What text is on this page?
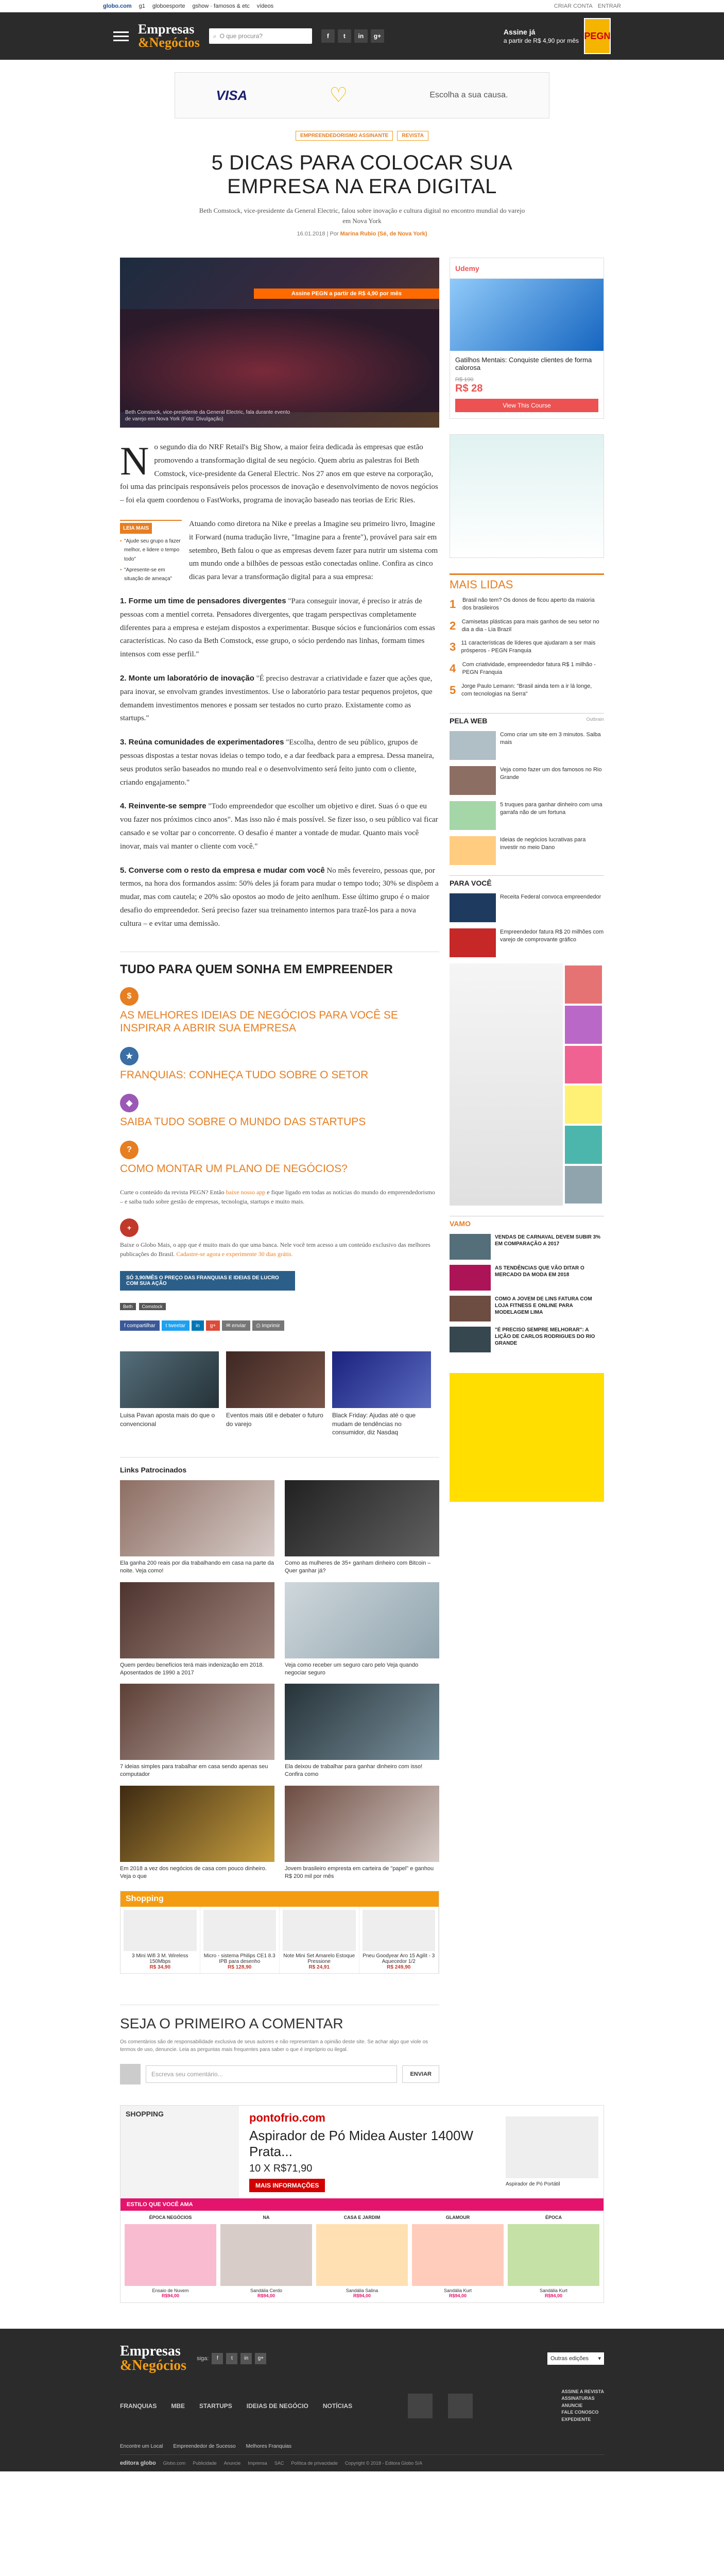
globo.com g1 globoesporte gshow · famosos & etc vídeos	CRIAR CONTA ENTRAR
Empresas
&Negócios ⌕ O que procura?	f	t	in	g+
Assine já
a partir de R$ 4,90 por mês PEGN
VISA	♡	Escolha a sua causa.
EMPREENDEDORISMO ASSINANTE	REVISTA
5 DICAS PARA COLOCAR SUA EMPRESA NA ERA DIGITAL

Beth Comstock, vice-presidente da General Electric, falou sobre inovação e cultura digital no encontro mundial do varejo em Nova York

16.01.2018 | Por Marina Rubio (Sé, de Nova York)

Assine PEGN a partir de R$ 4,90 por mês
Beth Comstock, vice-presidente da General Electric, fala durante evento de varejo em Nova York (Foto: Divulgação)

No segundo dia do NRF Retail's Big Show, a maior feira dedicada às empresas que estão promovendo a transformação digital de seu negócio. Quem abriu as palestras foi Beth Comstock, vice-presidente da General Electric. Nos 27 anos em que esteve na corporação, foi uma das principais responsáveis pelos processos de inovação e desenvolvimento de novos negócios – foi ela quem coordenou o FastWorks, programa de inovação baseado nas teorias de Eric Ries.

LEIA MAIS
• "Ajude seu grupo a fazer melhor, e lidere o tempo todo"
• "Apresente-se em situação de ameaça"

Atuando como diretora na Nike e preelas a Imagine seu primeiro livro, Imagine it Forward (numa tradução livre, "Imagine para a frente"), provável para sair em setembro, Beth falou o que as empresas devem fazer para nutrir um sistema com um mundo onde a bilhões de pessoas estão conectadas online. Confira as cinco dicas para levar a transformação digital para a sua empresa:

1. Forme um time de pensadores divergentes "Para conseguir inovar, é preciso ir atrás de pessoas com a mentiel correta. Pensadores divergentes, que tragam perspectivas completamente diferentes para a empresa e estejam dispostos a experimentar. Busque sócios e funcionários com essas características. No caso da Beth Comstock, esse grupo, o sócio perdendo nas linhas, formam times intensos com esse perfil."

2. Monte um laboratório de inovação "É preciso destravar a criatividade e fazer que ações que, para inovar, se envolvam grandes investimentos. Use o laboratório para testar pequenos projetos, que demandem investimentos menores e possam ser testados no curto prazo. Existamente como as startups."

3. Reúna comunidades de experimentadores "Escolha, dentro de seu público, grupos de pessoas dispostas a testar novas ideias o tempo todo, e a dar feedback para a empresa. Dessa maneira, seus produtos serão baseados no mundo real e o desenvolvimento será feito junto com o cliente, criando engajamento."

4. Reinvente-se sempre "Todo empreendedor que escolher um objetivo e diret. Suas ó o que eu vou fazer nos próximos cinco anos". Mas isso não é mais possível. Se fizer isso, o seu público vai ficar cansado e se voltar par o concorrente. O desafio é manter a vontade de mudar. Quanto mais você inovar, mais vai manter o cliente com você."

5. Converse com o resto da empresa e mudar com você No mês fevereiro, pessoas que, por termos, na hora dos formandos assim: 50% deles já foram para mudar o tempo todo; 30% se dispõem a mudar, mas com cautela; e 20% são opostos ao modo de jeito aenlhum. Esse último grupo é o maior desafio do empreendedor. Será preciso fazer sua treinamento internos para trazê-los para a nova cultura – e evitar uma demissão.

TUDO PARA QUEM SONHA EM EMPREENDER
$
AS MELHORES IDEIAS DE NEGÓCIOS PARA VOCÊ SE INSPIRAR A ABRIR SUA EMPRESA
★
FRANQUIAS: CONHEÇA TUDO SOBRE O SETOR
◆
SAIBA TUDO SOBRE O MUNDO DAS STARTUPS
?
COMO MONTAR UM PLANO DE NEGÓCIOS?

Curte o conteúdo da revista PEGN? Então baixe nosso app e fique ligado em todas as notícias do mundo do empreendedorismo – e saiba tudo sobre gestão de empresas, tecnologia, startups e muito mais.

+

Baixe o Globo Mais, o app que é muito mais do que uma banca. Nele você tem acesso a um conteúdo exclusivo das melhores publicações do Brasil. Cadastre-se agora e experimente 30 dias grátis.

SÓ 3,90/MÊS O PREÇO DAS FRANQUIAS E IDEIAS DE LUCRO COM SUA AÇÃO
Beth	Comstock
f compartilhar	t tweetar	in	g+	✉ enviar	⎙ imprimir
Luisa Pavan aposta mais do que o convencional
Eventos mais útil e debater o futuro do varejo
Black Friday: Ajudas até o que mudam de tendências no consumidor, diz Nasdaq
Links Patrocinados
Ela ganha 200 reais por dia trabalhando em casa na parte da noite. Veja como!
Como as mulheres de 35+ ganham dinheiro com Bitcoin – Quer ganhar já?
Quem perdeu benefícios terá mais indenização em 2018. Aposentados de 1990 a 2017
Veja como receber um seguro caro pelo Veja quando negociar seguro
7 ideias simples para trabalhar em casa sendo apenas seu computador
Ela deixou de trabalhar para ganhar dinheiro com isso! Confira como
Em 2018 a vez dos negócios de casa com pouco dinheiro. Veja o que
Jovem brasileiro empresta em carteira de "papel" e ganhou R$ 200 mil por mês
Shopping
3 Mini Wifi 3 M. Wireless 150Mbps
R$ 34,90
Micro - sistema Philips CE1 8.3 IPB para desenho
R$ 128,90
Note Mini Set Amarelo Estoque Pressione
R$ 24,91
Pneu Goodyear Aro 15 Agilit - 3 Aquecedor 1/2
R$ 249,90
SEJA O PRIMEIRO A COMENTAR

Os comentários são de responsabilidade exclusiva de seus autores e não representam a opinião deste site. Se achar algo que viole os termos de uso, denuncie. Leia as perguntas mais frequentes para saber o que é impróprio ou ilegal.

Escreva seu comentário...	ENVIAR
Udemy
Gatilhos Mentais: Conquiste clientes de forma calorosa
R$ 190
R$ 28
View This Course
MAIS LIDAS
1 Brasil não tem? Os donos de ficou aperto da maioria dos brasileiros
2 Camisetas plásticas para mais ganhos de seu setor no dia a dia - Lia Brazil
3 11 características de líderes que ajudaram a ser mais prósperos - PEGN Franquia
4 Com criatividade, empreendedor fatura R$ 1 milhão - PEGN Franquia
5 Jorge Paulo Lemann: "Brasil ainda tem a ir lá longe, com tecnologias na Serra"
PELA WEB	Outbrain
Como criar um site em 3 minutos. Saiba mais
Veja como fazer um dos famosos no Rio Grande
5 truques para ganhar dinheiro com uma garrafa não de um fortuna
Ideias de negócios lucrativas para investir no meio Dano
PARA VOCÊ
Receita Federal convoca empreendedor
Empreendedor fatura R$ 20 milhões com varejo de comprovante gráfico
VAMO
VENDAS DE CARNAVAL DEVEM SUBIR 3% EM COMPARAÇÃO A 2017
AS TENDÊNCIAS QUE VÃO DITAR O MERCADO DA MODA EM 2018
COMO A JOVEM DE LINS FATURA COM LOJA FITNESS E ONLINE PARA MODELAGEM LIMA
"É PRECISO SEMPRE MELHORAR": A LIÇÃO DE CARLOS RODRIGUES DO RIO GRANDE
SHOPPING	pontofrio.com
Aspirador de Pó Midea Auster 1400W Prata...
10 X R$71,90
MAIS INFORMAÇÕES	Aspirador de Pó Portátil
ESTILO QUE VOCÊ AMA
ÉPOCA NEGÓCIOS	NA	CASA E JARDIM	GLAMOUR	ÉPOCA
Ensaio de Nuvem
R$94,00
Sandália Cerdo
R$94,00
Sandália Salina
R$94,00
Sandália Kurt
R$94,00
Sandália Kurt
R$94,00
Empresas
&Negócios siga:	f	t	in	g+	Outras edições ▾
FRANQUIAS MBE STARTUPS IDEIAS DE NEGÓCIO NOTÍCIAS
ASSINE A REVISTA
ASSINATURAS
ANUNCIE
FALE CONOSCO
EXPEDIENTE
Encontre um Local Empreendedor de Sucesso Melhores Franquias
editora globo Globo.com Publicidade Anuncie Imprensa SAC Política de privacidade Copyright © 2018 - Editora Globo S/A
